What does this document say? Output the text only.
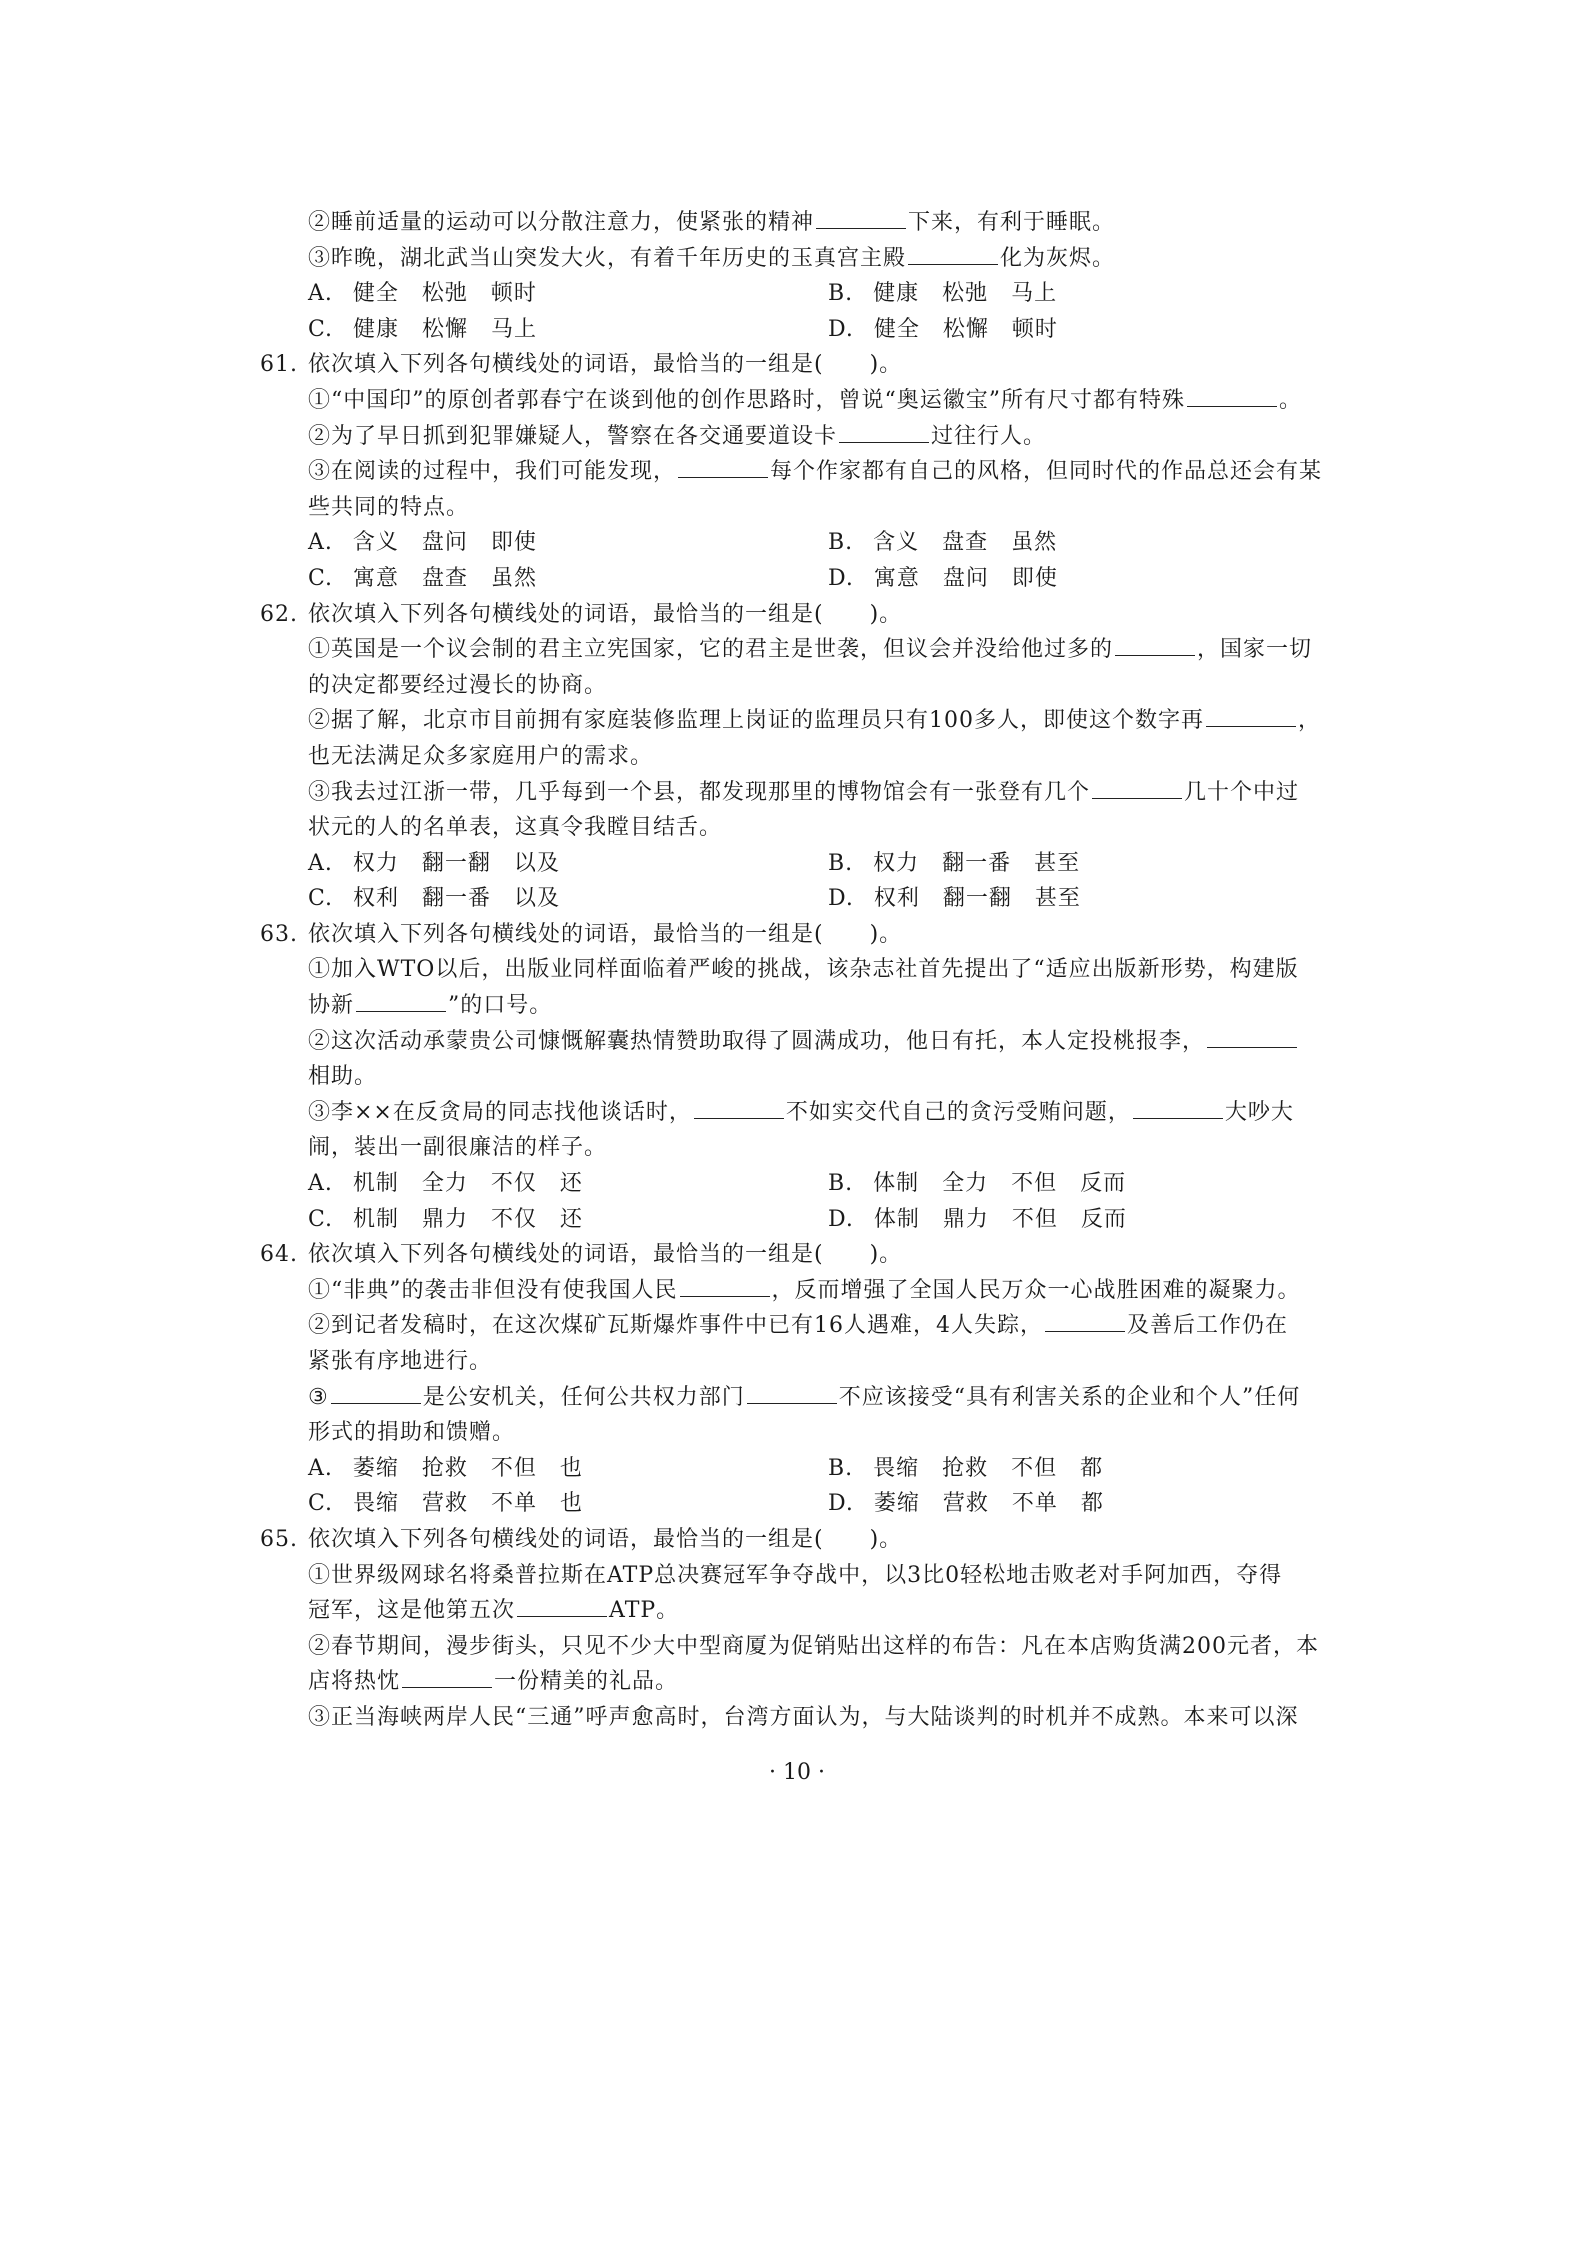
②睡前适量的运动可以分散注意力，使紧张的精神	下来，有利于睡眠。
③昨晚，湖北武当山突发大火，有着千年历史的玉真宫主殿	化为灰烬。
A. 健全　松弛　顿时	B. 健康　松弛　马上
C. 健康　松懈　马上	D. 健全　松懈　顿时
61. 依次填入下列各句横线处的词语，最恰当的一组是(　　)。
①“中国印”的原创者郭春宁在谈到他的创作思路时，曾说“奥运徽宝”所有尺寸都有特殊	。
②为了早日抓到犯罪嫌疑人，警察在各交通要道设卡	过往行人。
③在阅读的过程中，我们可能发现，	每个作家都有自己的风格，但同时代的作品总还会有某
些共同的特点。
A. 含义　盘问　即使	B. 含义　盘查　虽然
C. 寓意　盘查　虽然	D. 寓意　盘问　即使
62. 依次填入下列各句横线处的词语，最恰当的一组是(　　)。
①英国是一个议会制的君主立宪国家，它的君主是世袭，但议会并没给他过多的	，国家一切
的决定都要经过漫长的协商。
②据了解，北京市目前拥有家庭装修监理上岗证的监理员只有100多人，即使这个数字再	，
也无法满足众多家庭用户的需求。
③我去过江浙一带，几乎每到一个县，都发现那里的博物馆会有一张登有几个	几十个中过
状元的人的名单表，这真令我瞠目结舌。
A. 权力　翻一翻　以及	B. 权力　翻一番　甚至
C. 权利　翻一番　以及	D. 权利　翻一翻　甚至
63. 依次填入下列各句横线处的词语，最恰当的一组是(　　)。
①加入WTO以后，出版业同样面临着严峻的挑战，该杂志社首先提出了“适应出版新形势，构建版
协新	”的口号。
②这次活动承蒙贵公司慷慨解囊热情赞助取得了圆满成功，他日有托，本人定投桃报李，
相助。
③李××在反贪局的同志找他谈话时，	不如实交代自己的贪污受贿问题，	大吵大
闹，装出一副很廉洁的样子。
A. 机制　全力　不仅　还	B. 体制　全力　不但　反而
C. 机制　鼎力　不仅　还	D. 体制　鼎力　不但　反而
64. 依次填入下列各句横线处的词语，最恰当的一组是(　　)。
①“非典”的袭击非但没有使我国人民	，反而增强了全国人民万众一心战胜困难的凝聚力。
②到记者发稿时，在这次煤矿瓦斯爆炸事件中已有16人遇难，4人失踪，	及善后工作仍在
紧张有序地进行。
③	是公安机关，任何公共权力部门	不应该接受“具有利害关系的企业和个人”任何
形式的捐助和馈赠。
A. 萎缩　抢救　不但　也	B. 畏缩　抢救　不但　都
C. 畏缩　营救　不单　也	D. 萎缩　营救　不单　都
65. 依次填入下列各句横线处的词语，最恰当的一组是(　　)。
①世界级网球名将桑普拉斯在ATP总决赛冠军争夺战中，以3比0轻松地击败老对手阿加西，夺得
冠军，这是他第五次	ATP。
②春节期间，漫步街头，只见不少大中型商厦为促销贴出这样的布告：凡在本店购货满200元者，本
店将热忱	一份精美的礼品。
③正当海峡两岸人民“三通”呼声愈高时，台湾方面认为，与大陆谈判的时机并不成熟。本来可以深
· 10 ·
